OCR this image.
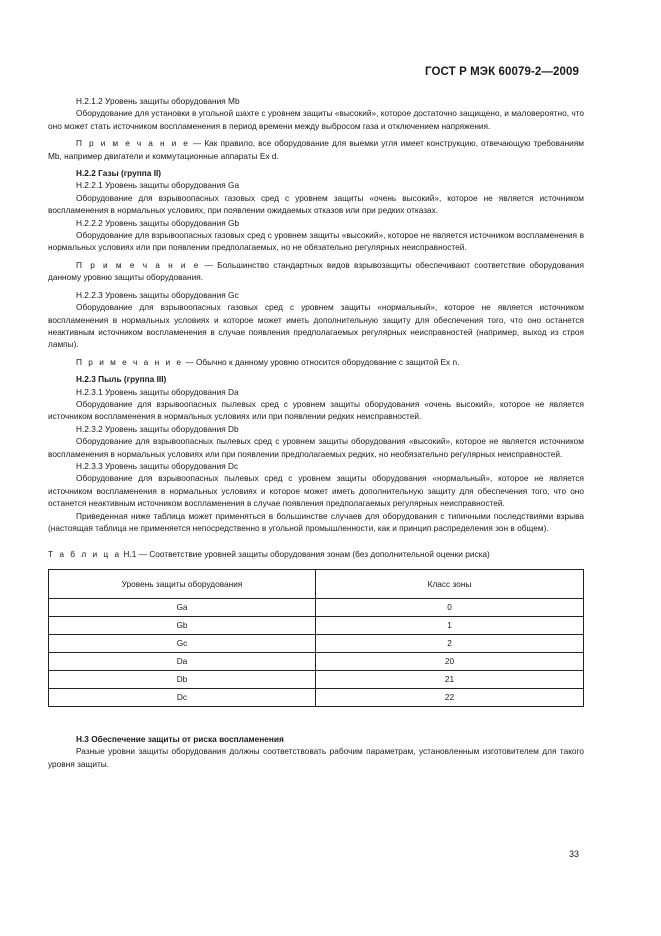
ГОСТ Р МЭК 60079-2—2009

Н.2.1.2 Уровень защиты оборудования Mb

Оборудование для установки в угольной шахте с уровнем защиты «высокий», которое достаточно защищено, и маловероятно, что оно может стать источником воспламенения в период времени между выбросом газа и отключением напряжения.

П р и м е ч а н и е — Как правило, все оборудование для выемки угля имеет конструкцию, отвечающую требованиям Mb, например двигатели и коммутационные аппараты Ex d.

Н.2.2 Газы (группа II)

Н.2.2.1 Уровень защиты оборудования Ga

Оборудование для взрывоопасных газовых сред с уровнем защиты «очень высокий», которое не является источником воспламенения в нормальных условиях, при появлении ожидаемых отказов или при редких отказах.

Н.2.2.2 Уровень защиты оборудования Gb

Оборудование для взрывоопасных газовых сред с уровнем защиты «высокий», которое не является источником воспламенения в нормальных условиях или при появлении предполагаемых, но не обязательно регулярных неисправностей.

П р и м е ч а н и е — Большинство стандартных видов взрывозащиты обеспечивают соответствие оборудования данному уровню защиты оборудования.

Н.2.2.3 Уровень защиты оборудования Gc

Оборудование для взрывоопасных газовых сред с уровнем защиты «нормальный», которое не является источником воспламенения в нормальных условиях и которое может иметь дополнительную защиту для обеспечения того, что оно останется неактивным источником воспламенения в случае появления предполагаемых регулярных неисправностей (например, выход из строя лампы).

П р и м е ч а н и е — Обычно к данному уровню относится оборудование с защитой Ex n.

Н.2.3 Пыль (группа III)

Н.2.3.1 Уровень защиты оборудования Da

Оборудование для взрывоопасных пылевых сред с уровнем защиты оборудования «очень высокий», которое не является источником воспламенения в нормальных условиях или при появлении редких неисправностей.

Н.2.3.2 Уровень защиты оборудования Db

Оборудование для взрывоопасных пылевых сред с уровнем защиты оборудования «высокий», которое не является источником воспламенения в нормальных условиях или при появлении предполагаемых редких, но необязательно регулярных неисправностей.

Н.2.3.3 Уровень защиты оборудования Dc

Оборудование для взрывоопасных пылевых сред с уровнем защиты оборудования «нормальный», которое не является источником воспламенения в нормальных условиях и которое может иметь дополнительную защиту для обеспечения того, что оно останется неактивным источником воспламенения в случае появления предполагаемых регулярных неисправностей.

Приведенная ниже таблица может применяться в большинстве случаев для оборудования с типичными последствиями взрыва (настоящая таблица не применяется непосредственно в угольной промышленности, как и принцип распределения зон в общем).

Т а б л и ц а Н.1 — Соответствие уровней защиты оборудования зонам (без дополнительной оценки риска)

Уровень защиты оборудования	Класс зоны
Ga	0
Gb	1
Gc	2
Da	20
Db	21
Dc	22

Н.3 Обеспечение защиты от риска воспламенения

Разные уровни защиты оборудования должны соответствовать рабочим параметрам, установленным изготовителем для такого уровня защиты.

33
